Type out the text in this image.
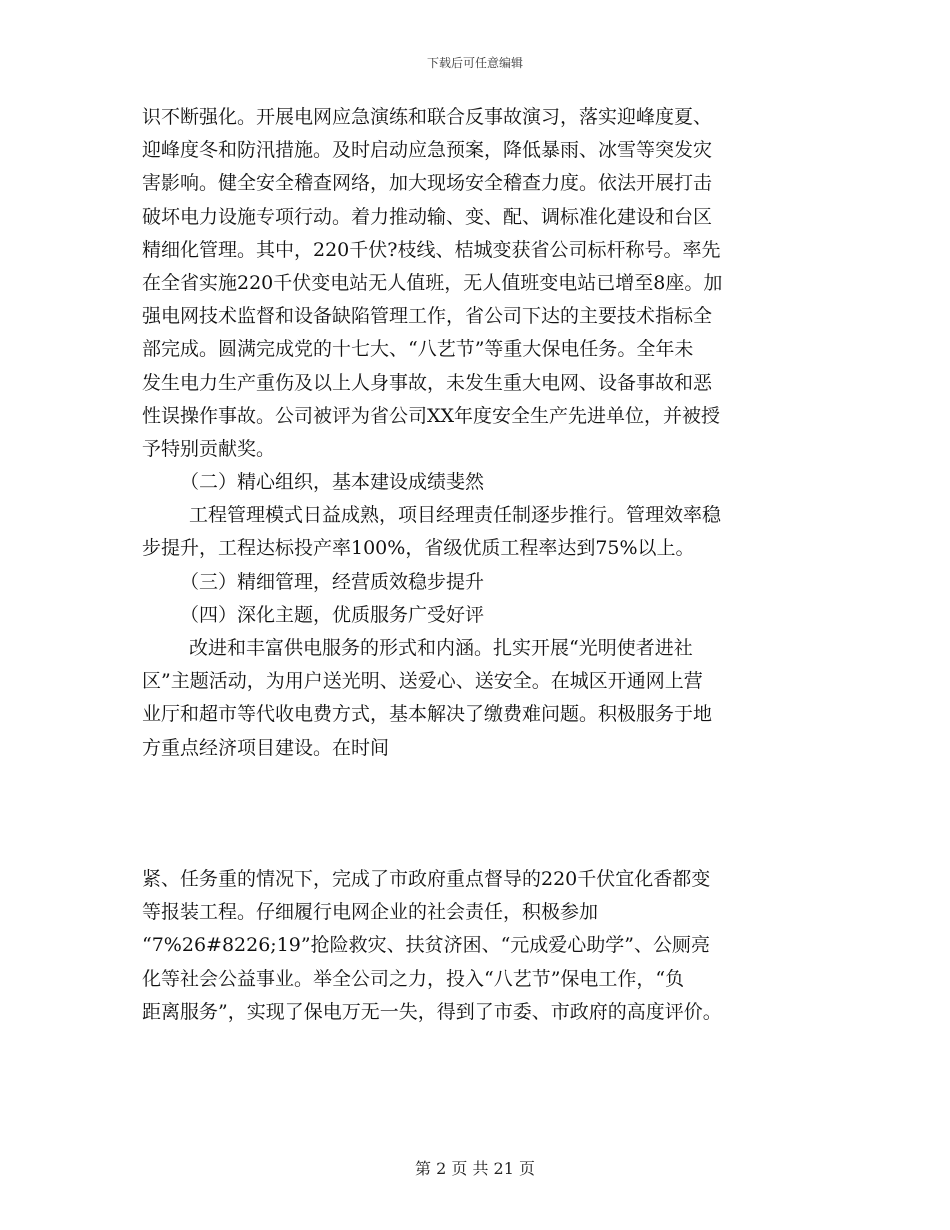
下载后可任意编辑
识不断强化。开展电网应急演练和联合反事故演习，落实迎峰度夏、
迎峰度冬和防汛措施。及时启动应急预案，降低暴雨、冰雪等突发灾
害影响。健全安全稽查网络，加大现场安全稽查力度。依法开展打击
破坏电力设施专项行动。着力推动输、变、配、调标准化建设和台区
精细化管理。其中，220千伏?枝线、桔城变获省公司标杆称号。率先
在全省实施220千伏变电站无人值班，无人值班变电站已增至8座。加
强电网技术监督和设备缺陷管理工作，省公司下达的主要技术指标全
部完成。圆满完成党的十七大、“八艺节”等重大保电任务。全年未
发生电力生产重伤及以上人身事故，未发生重大电网、设备事故和恶
性误操作事故。公司被评为省公司XX年度安全生产先进单位，并被授
予特别贡献奖。
（二）精心组织，基本建设成绩斐然
工程管理模式日益成熟，项目经理责任制逐步推行。管理效率稳
步提升，工程达标投产率100%，省级优质工程率达到75%以上。
（三）精细管理，经营质效稳步提升
（四）深化主题，优质服务广受好评
改进和丰富供电服务的形式和内涵。扎实开展“光明使者进社
区”主题活动，为用户送光明、送爱心、送安全。在城区开通网上营
业厅和超市等代收电费方式，基本解决了缴费难问题。积极服务于地
方重点经济项目建设。在时间
紧、任务重的情况下，完成了市政府重点督导的220千伏宜化香都变
等报装工程。仔细履行电网企业的社会责任，积极参加
“7%26#8226;19”抢险救灾、扶贫济困、“元成爱心助学”、公厕亮
化等社会公益事业。举全公司之力，投入“八艺节”保电工作，“负
距离服务”，实现了保电万无一失，得到了市委、市政府的高度评价。
第 2 页 共 21 页
